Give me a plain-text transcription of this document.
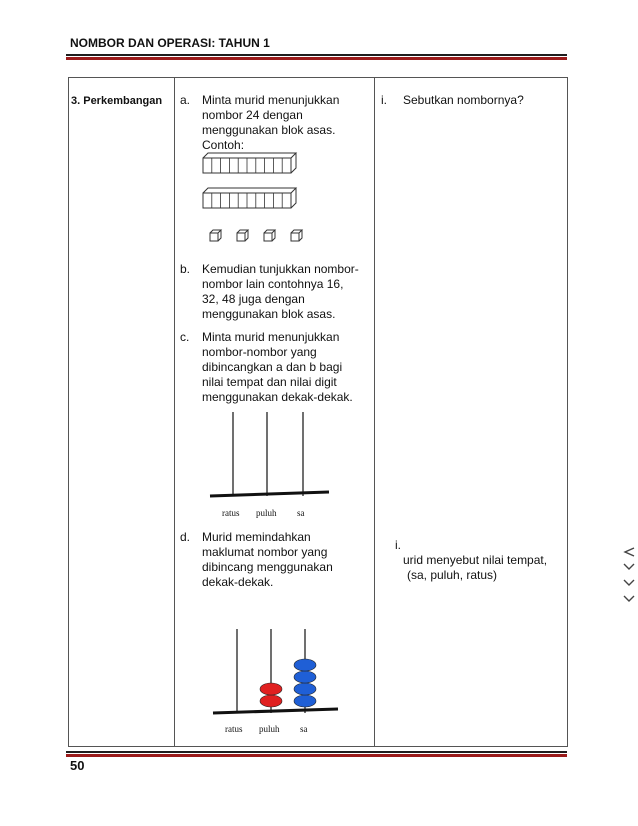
NOMBOR DAN OPERASI: TAHUN 1
3. Perkembangan a. Minta murid menunjukkan
nombor 24 dengan
menggunakan blok asas.
Contoh:
b. Kemudian tunjukkan nombor-
nombor lain contohnya 16,
32, 48 juga dengan
menggunakan blok asas.
c. Minta murid menunjukkan
nombor-nombor yang
dibincangkan a dan b bagi
nilai tempat dan nilai digit
menggunakan dekak-dekak.
ratus puluh sa
d. Murid memindahkan
maklumat nombor yang
dibincang menggunakan
dekak-dekak.
ratus puluh sa
i. Sebutkan nombornya?
i.
urid menyebut nilai tempat,
(sa, puluh, ratus)
50
